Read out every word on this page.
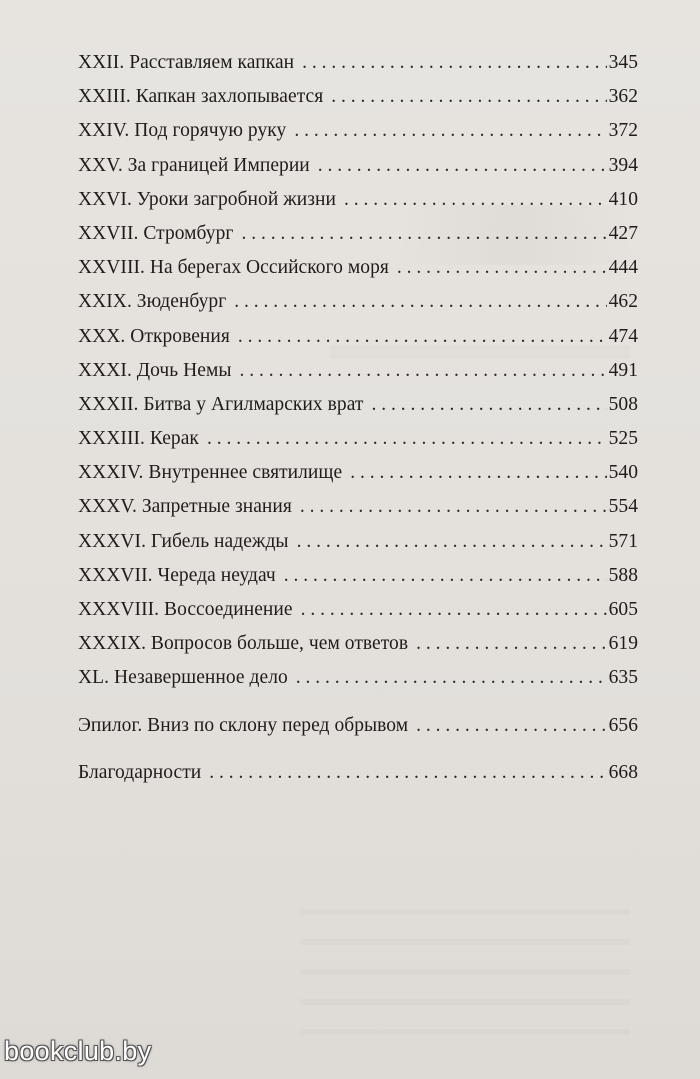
XXII. Расставляем капкан . . .	345
XXIII. Капкан захлопывается . . .	362
XXIV. Под горячую руку . . .	372
XXV. За границей Империи . . .	394
XXVI. Уроки загробной жизни . . .	410
XXVII. Стромбург . . .	427
XXVIII. На берегах Оссийского моря . . .	444
XXIX. Зюденбург . . .	462
XXX. Откровения . . .	474
XXXI. Дочь Немы . . .	491
XXXII. Битва у Агилмарских врат . . .	508
XXXIII. Керак . . .	525
XXXIV. Внутреннее святилище . . .	540
XXXV. Запретные знания . . .	554
XXXVI. Гибель надежды . . .	571
XXXVII. Череда неудач . . .	588
XXXVIII. Воссоединение . . .	605
XXXIX. Вопросов больше, чем ответов . . .	619
XL. Незавершенное дело . . .	635
Эпилог. Вниз по склону перед обрывом . . .	656
Благодарности . . .	668
bookclub.by
